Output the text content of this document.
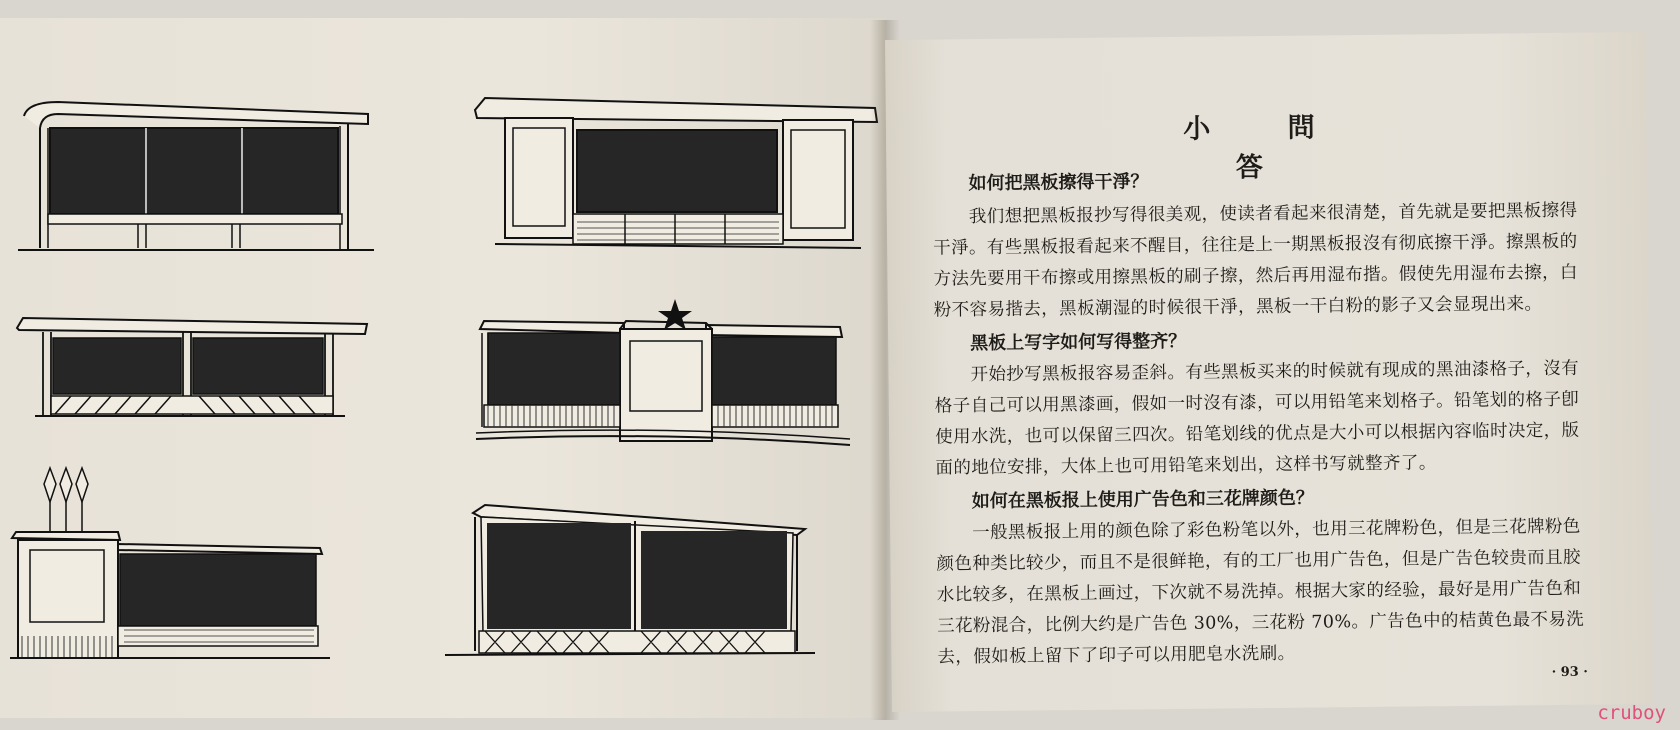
小 問 答
如何把黑板擦得干淨？
我们想把黑板报抄写得很美观，使读者看起来很清楚，首先就是要把黑板擦得
干淨。有些黑板报看起来不醒目，往往是上一期黑板报沒有彻底擦干淨。擦黑板的
方法先要用干布擦或用擦黑板的刷子擦，然后再用湿布揩。假使先用湿布去擦，白
粉不容易揩去，黑板潮湿的时候很干淨，黑板一干白粉的影子又会显現出来。
黑板上写字如何写得整齐？
开始抄写黑板报容易歪斜。有些黑板买来的时候就有现成的黑油漆格子，沒有
格子自己可以用黑漆画，假如一时沒有漆，可以用铅笔来划格子。铅笔划的格子卽
使用水洗，也可以保留三四次。铅笔划线的优点是大小可以根据內容临时决定，版
面的地位安排，大体上也可用铅笔来划出，这样书写就整齐了。
如何在黑板报上使用广告色和三花牌颜色？
一般黑板报上用的颜色除了彩色粉笔以外，也用三花牌粉色，但是三花牌粉色
颜色种类比较少，而且不是很鲜艳，有的工厂也用广告色，但是广告色较贵而且胶
水比较多，在黑板上画过，下次就不易洗掉。根据大家的经验，最好是用广告色和
三花粉混合，比例大约是广告色 30%，三花粉 70%。广告色中的桔黄色最不易洗
去，假如板上留下了印子可以用肥皂水洗刷。
· 93 ·
cruboy
